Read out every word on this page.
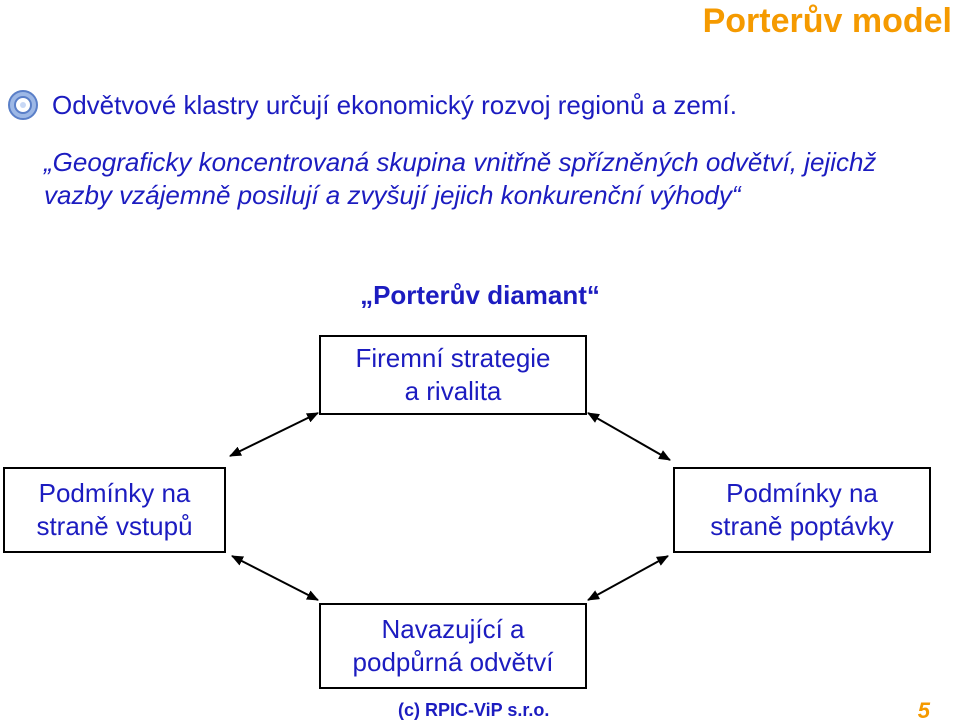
Porterův model
Odvětvové klastry určují ekonomický rozvoj regionů a zemí.
„Geograficky koncentrovaná skupina vnitřně spřízněných odvětví, jejichž vazby vzájemně posilují a zvyšují jejich konkurenční výhody“
„Porterův diamant“
Firemní strategie
a rivalita
Podmínky na
straně vstupů
Podmínky na
straně poptávky
Navazující a
podpůrná odvětví
(c) RPIC-ViP s.r.o.	5
